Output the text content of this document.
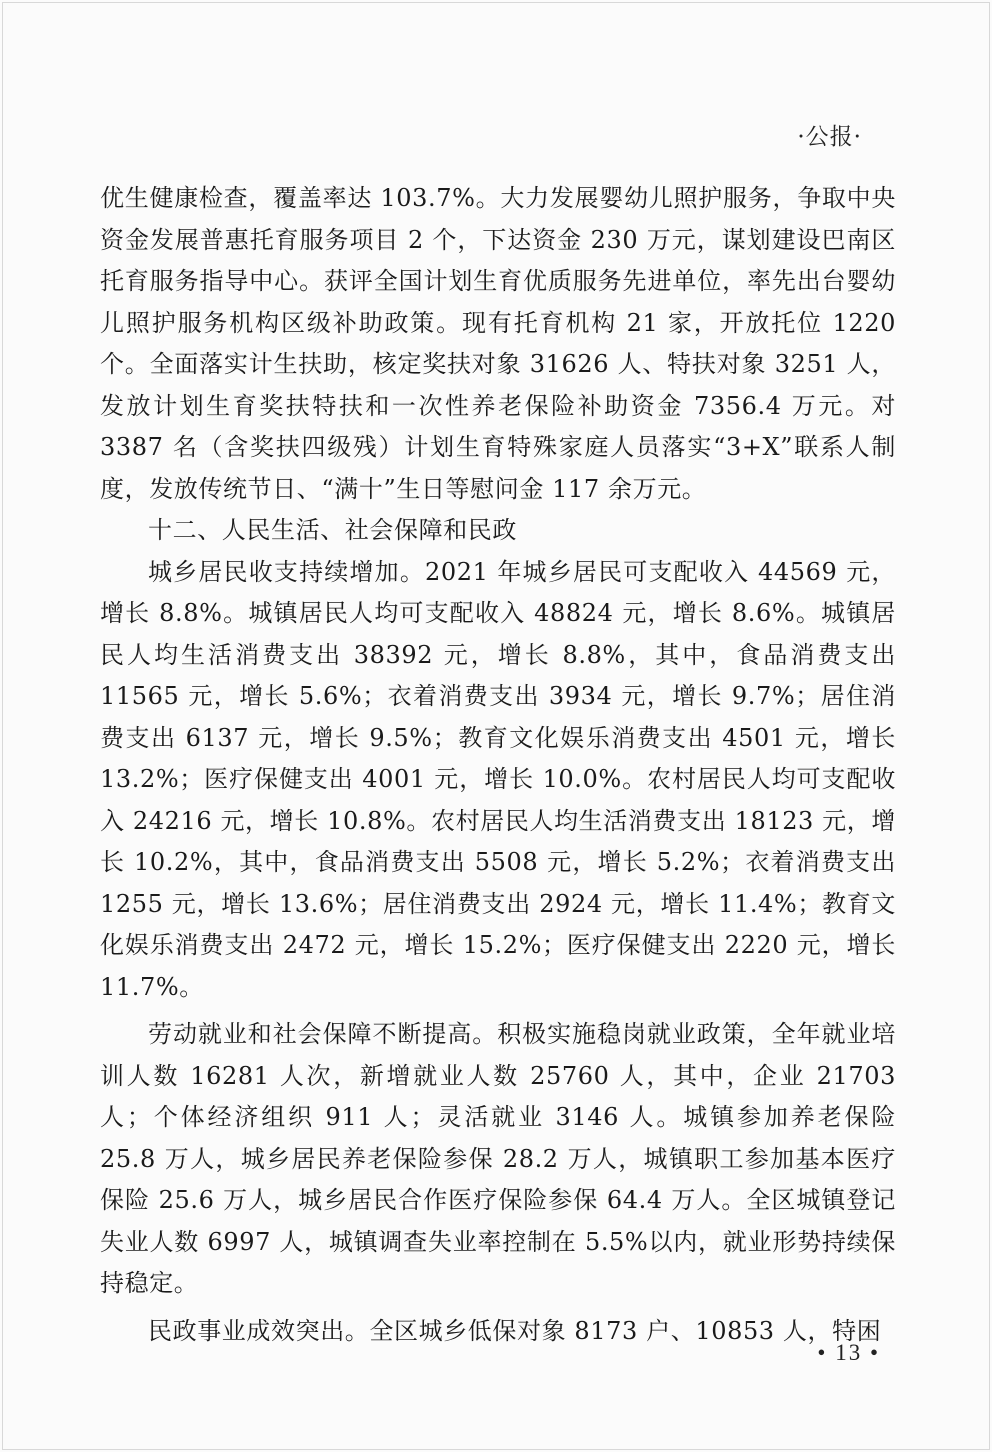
·公报·

优生健康检查，覆盖率达 103.7%。大力发展婴幼儿照护服务，争取中央资金发展普惠托育服务项目 2 个，下达资金 230 万元，谋划建设巴南区托育服务指导中心。获评全国计划生育优质服务先进单位，率先出台婴幼儿照护服务机构区级补助政策。现有托育机构 21 家，开放托位 1220 个。全面落实计生扶助，核定奖扶对象 31626 人、特扶对象 3251 人，发放计划生育奖扶特扶和一次性养老保险补助资金 7356.4 万元。对 3387 名（含奖扶四级残）计划生育特殊家庭人员落实“3+X”联系人制度，发放传统节日、“满十”生日等慰问金 117 余万元。

十二、人民生活、社会保障和民政

城乡居民收支持续增加。2021 年城乡居民可支配收入 44569 元，增长 8.8%。城镇居民人均可支配收入 48824 元，增长 8.6%。城镇居民人均生活消费支出 38392 元，增长 8.8%，其中，食品消费支出 11565 元，增长 5.6%；衣着消费支出 3934 元，增长 9.7%；居住消费支出 6137 元，增长 9.5%；教育文化娱乐消费支出 4501 元，增长 13.2%；医疗保健支出 4001 元，增长 10.0%。农村居民人均可支配收入 24216 元，增长 10.8%。农村居民人均生活消费支出 18123 元，增长 10.2%，其中，食品消费支出 5508 元，增长 5.2%；衣着消费支出 1255 元，增长 13.6%；居住消费支出 2924 元，增长 11.4%；教育文化娱乐消费支出 2472 元，增长 15.2%；医疗保健支出 2220 元，增长 11.7%。

劳动就业和社会保障不断提高。积极实施稳岗就业政策，全年就业培训人数 16281 人次，新增就业人数 25760 人，其中，企业 21703 人；个体经济组织 911 人；灵活就业 3146 人。城镇参加养老保险 25.8 万人，城乡居民养老保险参保 28.2 万人，城镇职工参加基本医疗保险 25.6 万人，城乡居民合作医疗保险参保 64.4 万人。全区城镇登记失业人数 6997 人，城镇调查失业率控制在 5.5%以内，就业形势持续保持稳定。

民政事业成效突出。全区城乡低保对象 8173 户、10853 人，特困

• 13 •
